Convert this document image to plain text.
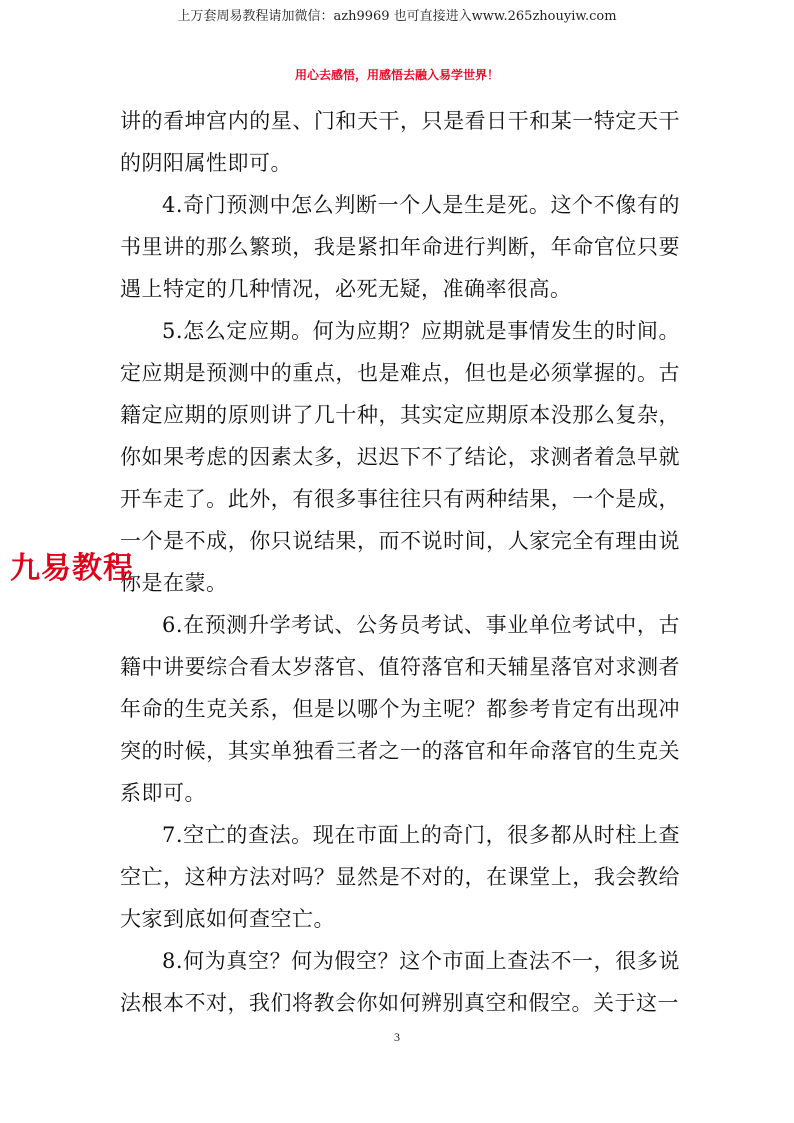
上万套周易教程请加微信：azh9969 也可直接进入www.265zhouyiw.com
用心去感悟，用感悟去融入易学世界！

讲的看坤宫内的星、门和天干，只是看日干和某一特定天干的阴阳属性即可。

4.奇门预测中怎么判断一个人是生是死。这个不像有的书里讲的那么繁琐，我是紧扣年命进行判断，年命官位只要遇上特定的几种情况，必死无疑，准确率很高。

5.怎么定应期。何为应期？应期就是事情发生的时间。定应期是预测中的重点，也是难点，但也是必须掌握的。古籍定应期的原则讲了几十种，其实定应期原本没那么复杂，你如果考虑的因素太多，迟迟下不了结论，求测者着急早就开车走了。此外，有很多事往往只有两种结果，一个是成，一个是不成，你只说结果，而不说时间，人家完全有理由说你是在蒙。

6.在预测升学考试、公务员考试、事业单位考试中，古籍中讲要综合看太岁落官、值符落官和天辅星落官对求测者年命的生克关系，但是以哪个为主呢？都参考肯定有出现冲突的时候，其实单独看三者之一的落官和年命落官的生克关系即可。

7.空亡的查法。现在市面上的奇门，很多都从时柱上查空亡，这种方法对吗？显然是不对的，在课堂上，我会教给大家到底如何查空亡。

8.何为真空？何为假空？这个市面上查法不一，很多说法根本不对，我们将教会你如何辨别真空和假空。关于这一

九易教程
3
